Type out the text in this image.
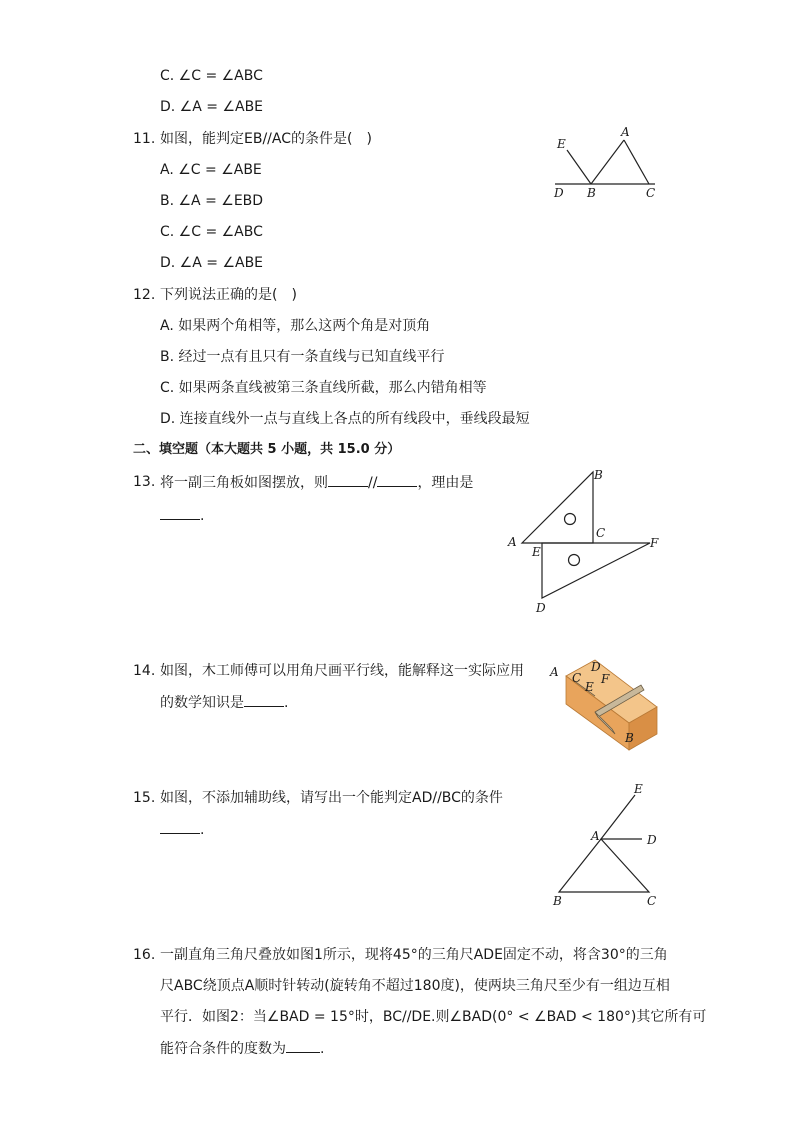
C. ∠C = ∠ABC
D. ∠A = ∠ABE
11. 如图，能判定EB//AC的条件是(　)
A. ∠C = ∠ABE
B. ∠A = ∠EBD
C. ∠C = ∠ABC
D. ∠A = ∠ABE
E
A
D B	C
12. 下列说法正确的是(　)
A. 如果两个角相等，那么这两个角是对顶角
B. 经过一点有且只有一条直线与已知直线平行
C. 如果两条直线被第三条直线所截，那么内错角相等
D. 连接直线外一点与直线上各点的所有线段中，垂线段最短
二、填空题（本大题共 5 小题，共 15.0 分）
13. 将一副三角板如图摆放，则	//	，理由是
.
A
B
C
E
F
D
14. 如图，木工师傅可以用角尺画平行线，能解释这一实际应用
的数学知识是	.
A C
D
E
F
B
15. 如图，不添加辅助线，请写出一个能判定AD//BC的条件
.
E
A	D
B	C
16. 一副直角三角尺叠放如图1所示，现将45°的三角尺ADE固定不动，将含30°的三角
尺ABC绕顶点A顺时针转动(旋转角不超过180度)，使两块三角尺至少有一组边互相
平行．如图2：当∠BAD = 15°时，BC//DE.则∠BAD(0° < ∠BAD < 180°)其它所有可
能符合条件的度数为 .
